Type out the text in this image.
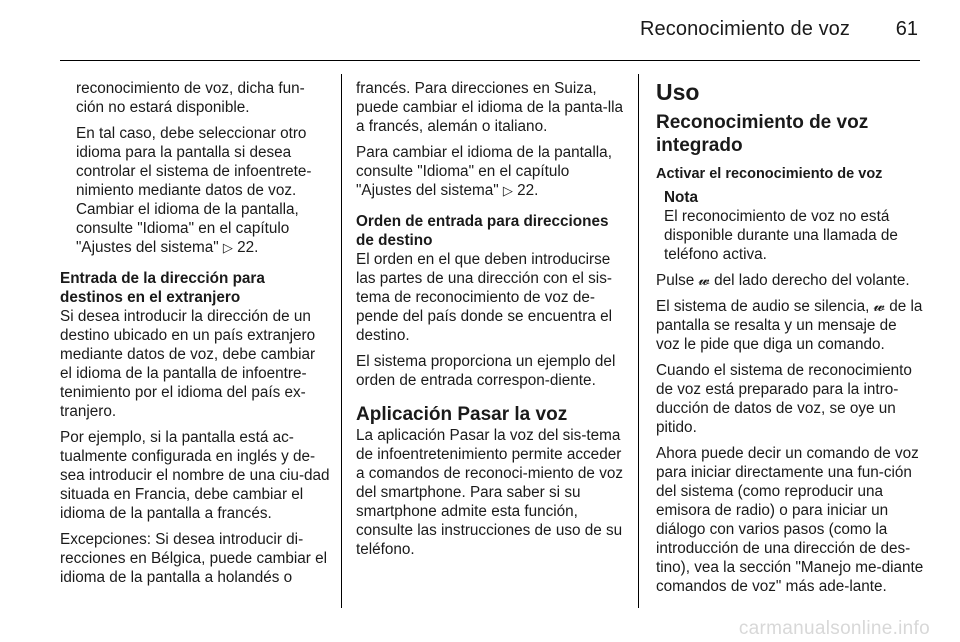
Reconocimiento de voz	61

reconocimiento de voz, dicha fun-ción no estará disponible.

En tal caso, debe seleccionar otro idioma para la pantalla si desea controlar el sistema de infoentrete-nimiento mediante datos de voz. Cambiar el idioma de la pantalla, consulte "Idioma" en el capítulo "Ajustes del sistema" ▷ 22.

Entrada de la dirección para destinos en el extranjero

Si desea introducir la dirección de un destino ubicado en un país extranjero mediante datos de voz, debe cambiar el idioma de la pantalla de infoentre-tenimiento por el idioma del país ex-tranjero.

Por ejemplo, si la pantalla está ac-tualmente configurada en inglés y de-sea introducir el nombre de una ciu-dad situada en Francia, debe cambiar el idioma de la pantalla a francés.

Excepciones: Si desea introducir di-recciones en Bélgica, puede cambiar el idioma de la pantalla a holandés o

francés. Para direcciones en Suiza, puede cambiar el idioma de la panta-lla a francés, alemán o italiano.

Para cambiar el idioma de la pantalla, consulte "Idioma" en el capítulo "Ajustes del sistema" ▷ 22.

Orden de entrada para direcciones de destino

El orden en el que deben introducirse las partes de una dirección con el sis-tema de reconocimiento de voz de-pende del país donde se encuentra el destino.

El sistema proporciona un ejemplo del orden de entrada correspon-diente.

Aplicación Pasar la voz

La aplicación Pasar la voz del sis-tema de infoentretenimiento permite acceder a comandos de reconoci-miento de voz del smartphone. Para saber si su smartphone admite esta función, consulte las instrucciones de uso de su teléfono.

Uso
Reconocimiento de voz integrado
Activar el reconocimiento de voz
Nota
El reconocimiento de voz no está disponible durante una llamada de teléfono activa.

Pulse 𝔀 del lado derecho del volante.

El sistema de audio se silencia, 𝔀 de la pantalla se resalta y un mensaje de voz le pide que diga un comando.

Cuando el sistema de reconocimiento de voz está preparado para la intro-ducción de datos de voz, se oye un pitido.

Ahora puede decir un comando de voz para iniciar directamente una fun-ción del sistema (como reproducir una emisora de radio) o para iniciar un diálogo con varios pasos (como la introducción de una dirección de des-tino), vea la sección "Manejo me-diante comandos de voz" más ade-lante.

carmanualsonline.info
